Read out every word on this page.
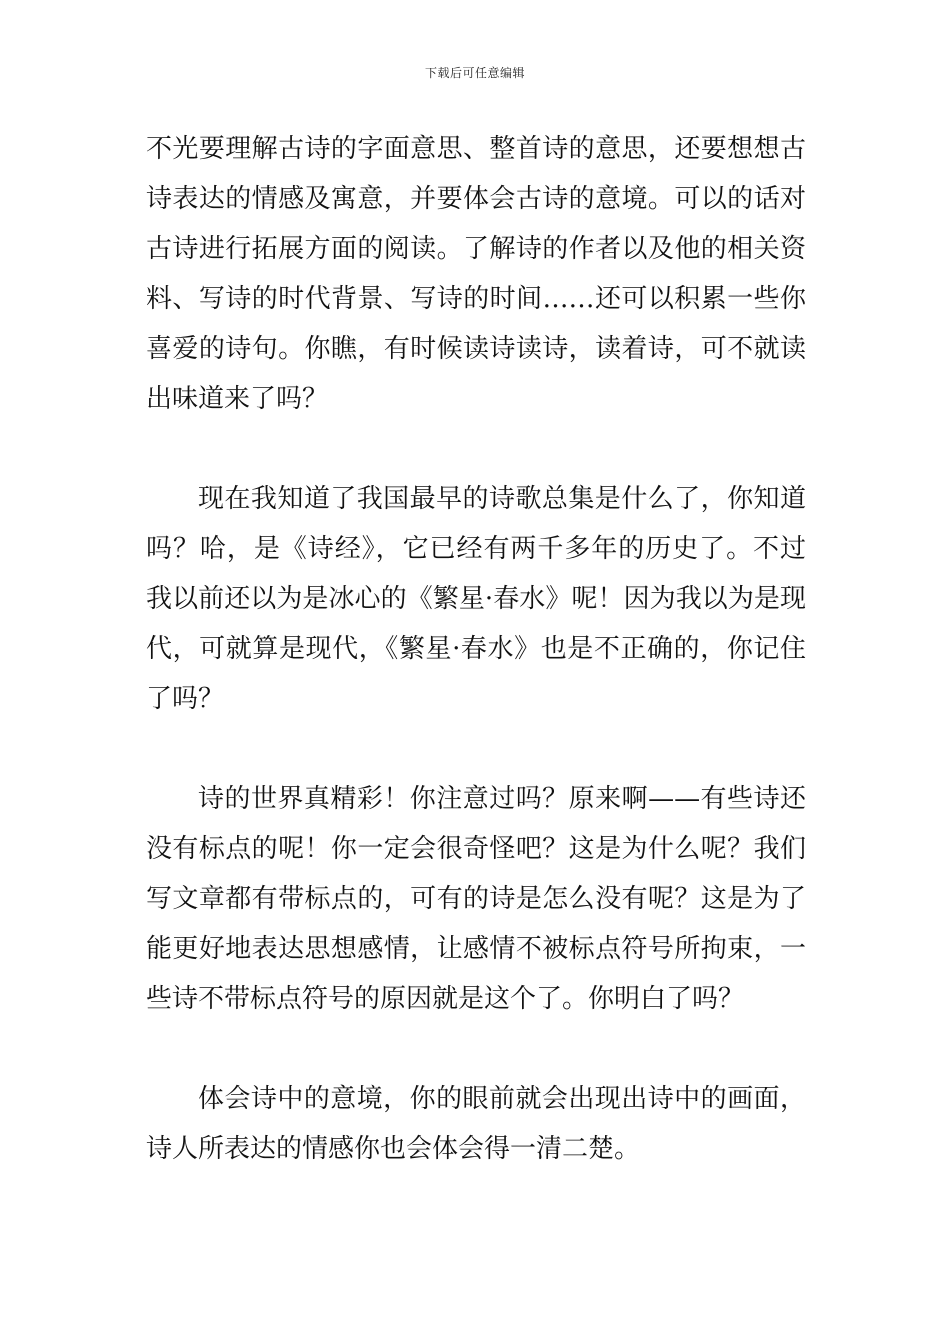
下载后可任意编辑

不光要理解古诗的字面意思、整首诗的意思，还要想想古诗表达的情感及寓意，并要体会古诗的意境。可以的话对古诗进行拓展方面的阅读。了解诗的作者以及他的相关资料、写诗的时代背景、写诗的时间……还可以积累一些你喜爱的诗句。你瞧，有时候读诗读诗，读着诗，可不就读出味道来了吗？

现在我知道了我国最早的诗歌总集是什么了，你知道吗？哈，是《诗经》，它已经有两千多年的历史了。不过我以前还以为是冰心的《繁星·春水》呢！因为我以为是现代，可就算是现代，《繁星·春水》也是不正确的，你记住了吗？

诗的世界真精彩！你注意过吗？原来啊——有些诗还没有标点的呢！你一定会很奇怪吧？这是为什么呢？我们写文章都有带标点的，可有的诗是怎么没有呢？这是为了能更好地表达思想感情，让感情不被标点符号所拘束，一些诗不带标点符号的原因就是这个了。你明白了吗？

体会诗中的意境，你的眼前就会出现出诗中的画面，诗人所表达的情感你也会体会得一清二楚。
